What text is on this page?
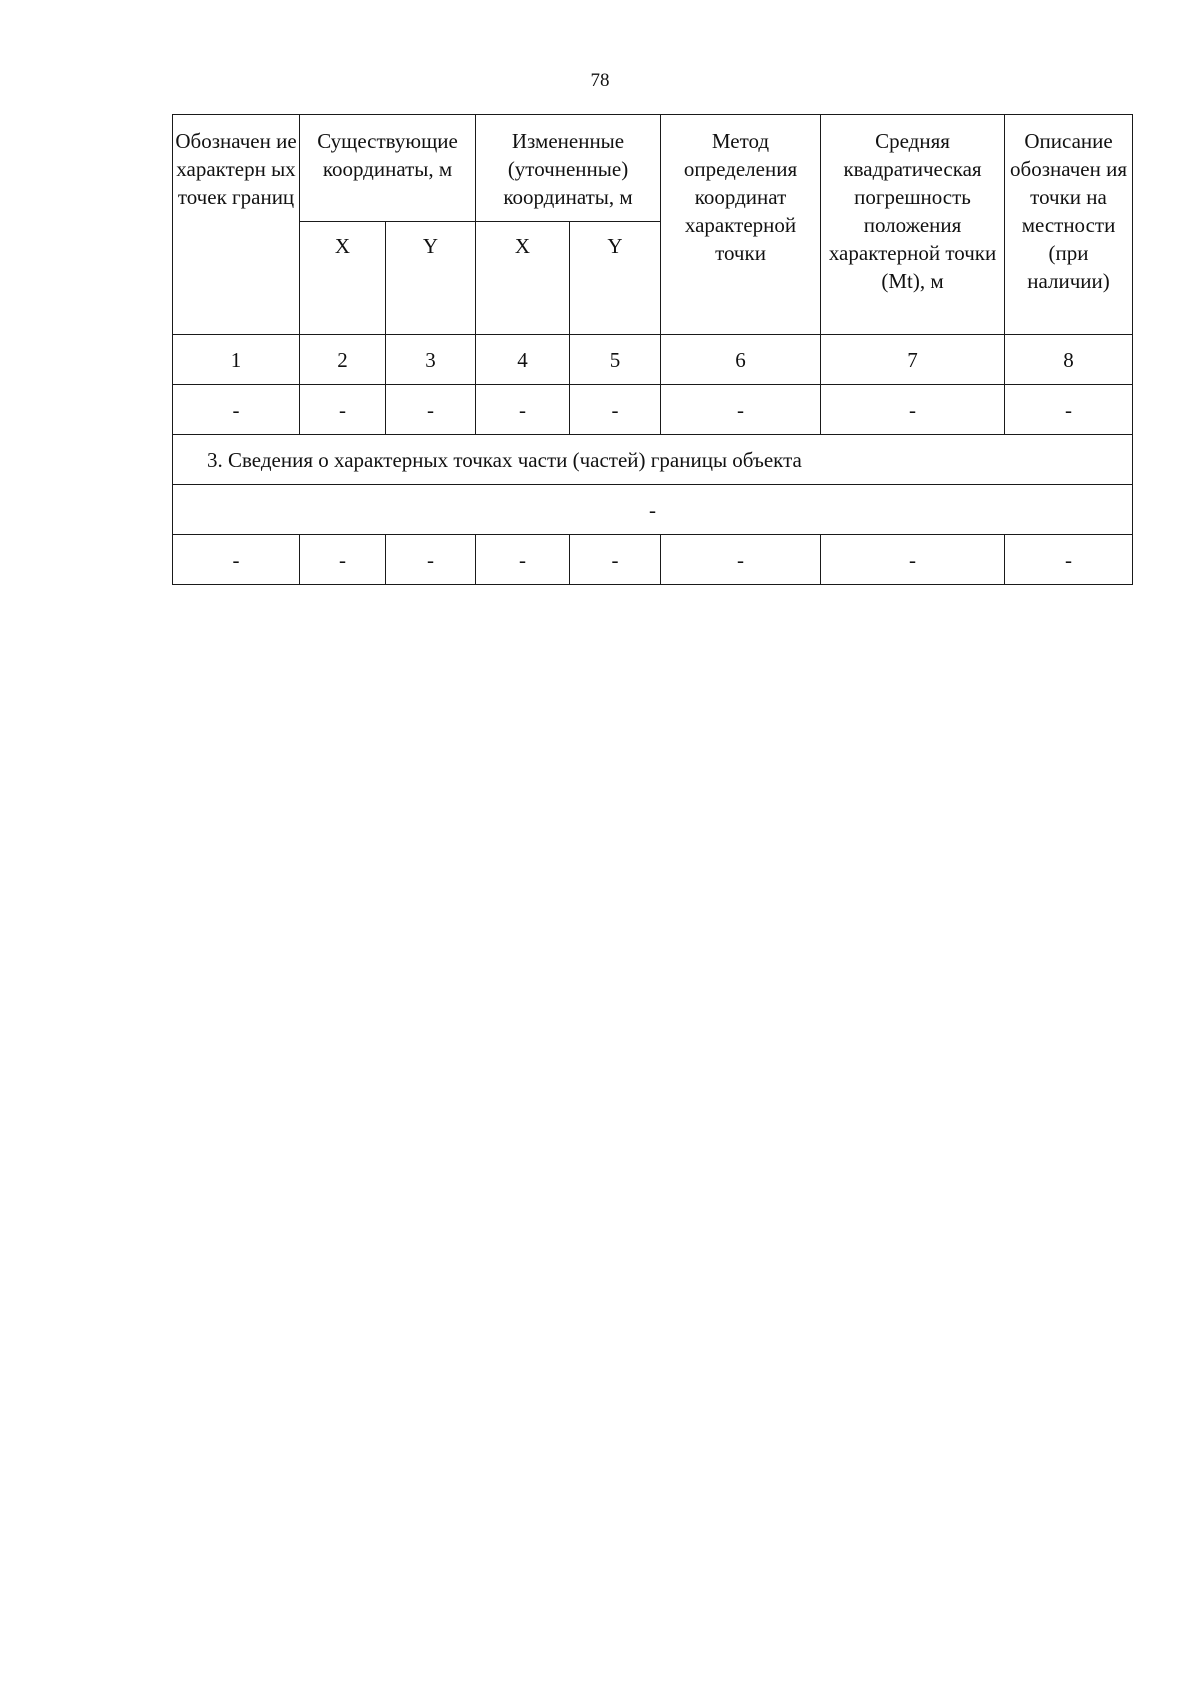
78
Обозначен ие характерн ых точек границ	Существующие координаты, м		Измененные (уточненные) координаты, м		Метод определения координат характерной точки	Средняя квадратическая погрешность положения характерной точки (Mt), м	Описание обозначен ия точки на местности (при наличии)

	X	Y	X	Y			

1	2	3	4	5	6	7	8
-	-	-	-	-	-	-	-
3. Сведения о характерных точках части (частей) границы объекта							
-							
-	-	-	-	-	-	-	-
